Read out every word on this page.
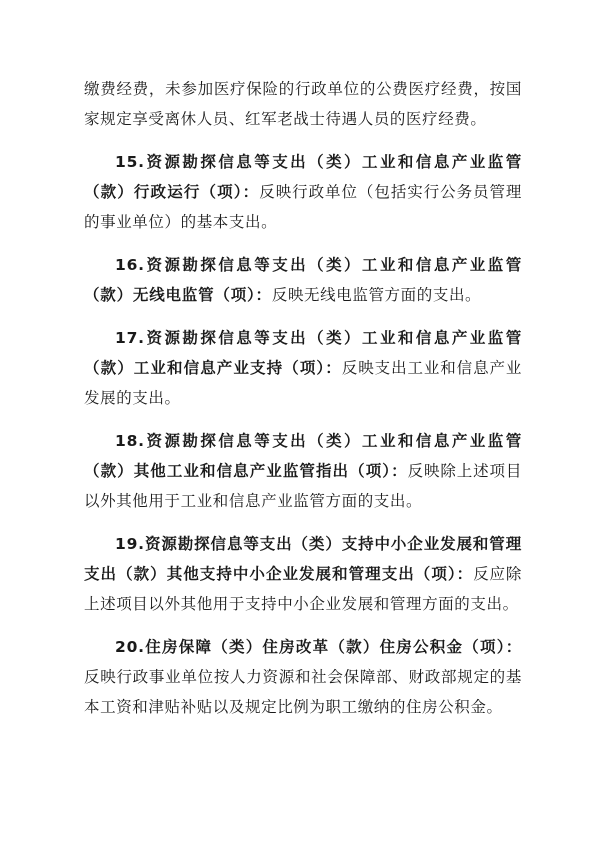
缴费经费，未参加医疗保险的行政单位的公费医疗经费，按国家规定享受离休人员、红军老战士待遇人员的医疗经费。

15.资源勘探信息等支出（类）工业和信息产业监管（款）行政运行（项）：反映行政单位（包括实行公务员管理的事业单位）的基本支出。

16.资源勘探信息等支出（类）工业和信息产业监管（款）无线电监管（项）：反映无线电监管方面的支出。

17.资源勘探信息等支出（类）工业和信息产业监管（款）工业和信息产业支持（项）：反映支出工业和信息产业发展的支出。

18.资源勘探信息等支出（类）工业和信息产业监管（款）其他工业和信息产业监管指出（项）：反映除上述项目以外其他用于工业和信息产业监管方面的支出。

19.资源勘探信息等支出（类）支持中小企业发展和管理支出（款）其他支持中小企业发展和管理支出（项）：反应除上述项目以外其他用于支持中小企业发展和管理方面的支出。

20.住房保障（类）住房改革（款）住房公积金（项）：反映行政事业单位按人力资源和社会保障部、财政部规定的基本工资和津贴补贴以及规定比例为职工缴纳的住房公积金。
